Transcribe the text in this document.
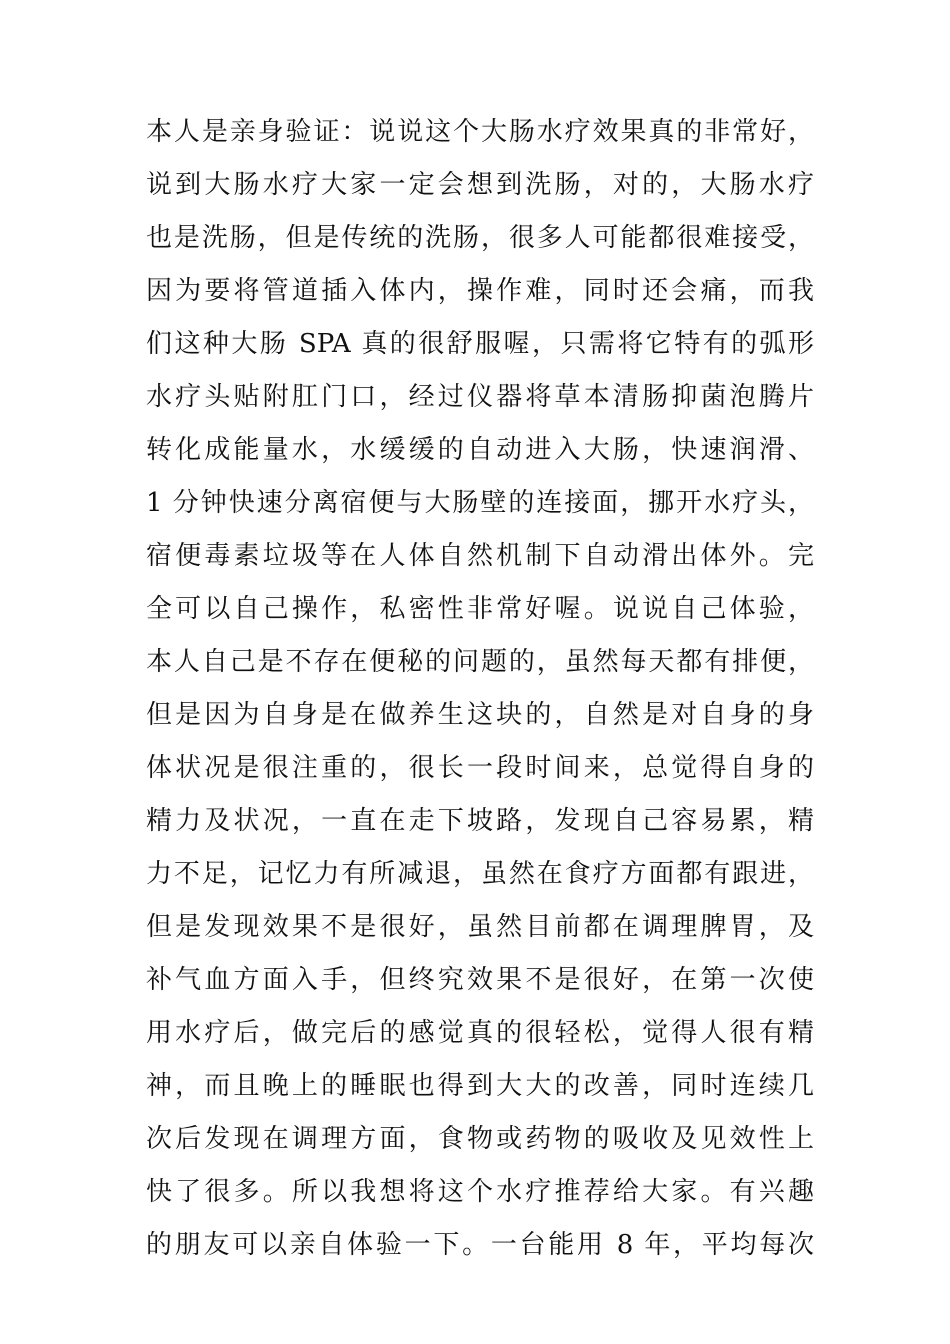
本人是亲身验证：说说这个大肠水疗效果真的非常好，
说到大肠水疗大家一定会想到洗肠，对的，大肠水疗
也是洗肠，但是传统的洗肠，很多人可能都很难接受，
因为要将管道插入体内，操作难，同时还会痛，而我
们这种大肠 SPA 真的很舒服喔，只需将它特有的弧形
水疗头贴附肛门口，经过仪器将草本清肠抑菌泡腾片
转化成能量水，水缓缓的自动进入大肠，快速润滑、
1 分钟快速分离宿便与大肠壁的连接面，挪开水疗头，
宿便毒素垃圾等在人体自然机制下自动滑出体外。完
全可以自己操作，私密性非常好喔。说说自己体验，
本人自己是不存在便秘的问题的，虽然每天都有排便，
但是因为自身是在做养生这块的，自然是对自身的身
体状况是很注重的，很长一段时间来，总觉得自身的
精力及状况，一直在走下坡路，发现自己容易累，精
力不足，记忆力有所减退，虽然在食疗方面都有跟进，
但是发现效果不是很好，虽然目前都在调理脾胃，及
补气血方面入手，但终究效果不是很好，在第一次使
用水疗后，做完后的感觉真的很轻松，觉得人很有精
神，而且晚上的睡眠也得到大大的改善，同时连续几
次后发现在调理方面，食物或药物的吸收及见效性上
快了很多。所以我想将这个水疗推荐给大家。有兴趣
的朋友可以亲自体验一下。一台能用 8 年，平均每次
